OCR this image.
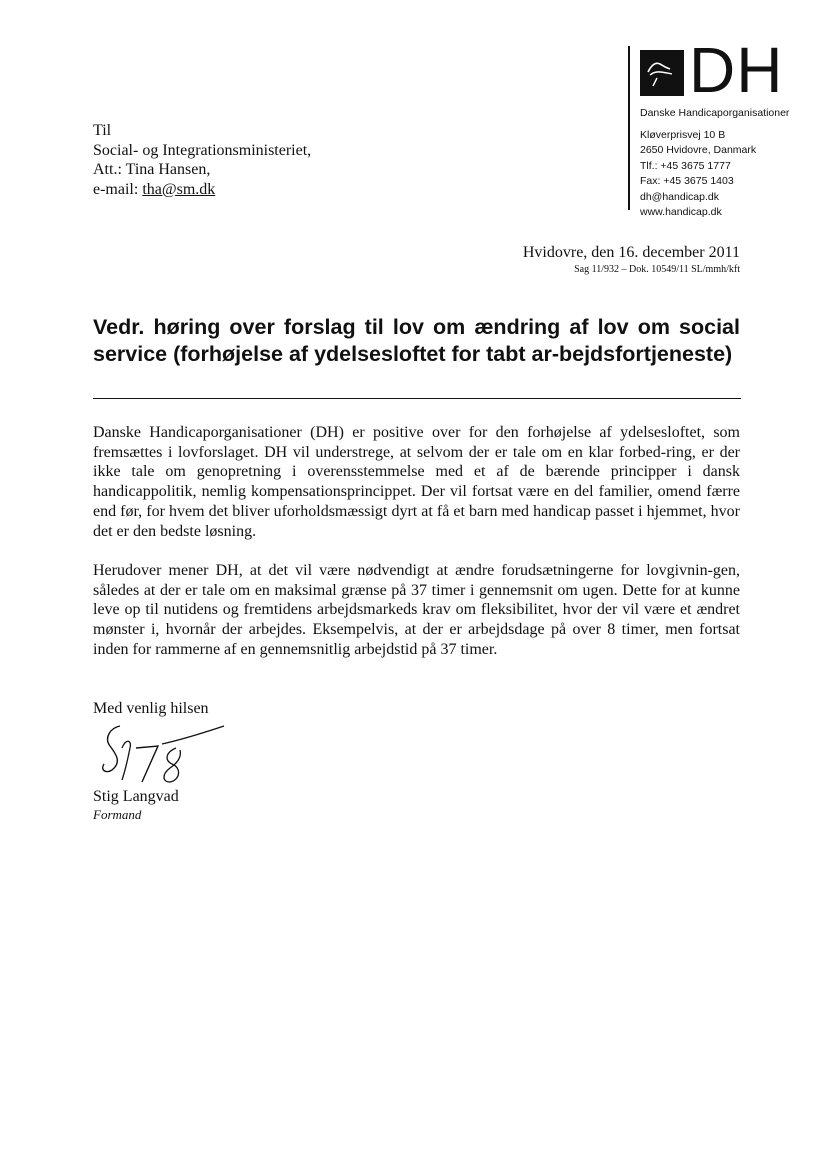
DH
Danske Handicaporganisationer
Kløverprisvej 10 B
2650 Hvidovre, Danmark
Tlf.: +45 3675 1777
Fax: +45 3675 1403
dh@handicap.dk
www.handicap.dk
Til
Social- og Integrationsministeriet,
Att.: Tina Hansen,
e-mail: tha@sm.dk
Hvidovre, den 16. december 2011
Sag 11/932 – Dok. 10549/11 SL/mmh/kft
Vedr. høring over forslag til lov om ændring af lov om social service (forhøjelse af ydelsesloftet for tabt ar-bejdsfortjeneste)
Danske Handicaporganisationer (DH) er positive over for den forhøjelse af ydelsesloftet, som fremsættes i lovforslaget. DH vil understrege, at selvom der er tale om en klar forbed-ring, er der ikke tale om genopretning i overensstemmelse med et af de bærende principper i dansk handicappolitik, nemlig kompensationsprincippet. Der vil fortsat være en del familier, omend færre end før, for hvem det bliver uforholdsmæssigt dyrt at få et barn med handicap passet i hjemmet, hvor det er den bedste løsning.
Herudover mener DH, at det vil være nødvendigt at ændre forudsætningerne for lovgivnin-gen, således at der er tale om en maksimal grænse på 37 timer i gennemsnit om ugen. Dette for at kunne leve op til nutidens og fremtidens arbejdsmarkeds krav om fleksibilitet, hvor der vil være et ændret mønster i, hvornår der arbejdes. Eksempelvis, at der er arbejdsdage på over 8 timer, men fortsat inden for rammerne af en gennemsnitlig arbejdstid på 37 timer.
Med venlig hilsen
Stig Langvad
Formand
